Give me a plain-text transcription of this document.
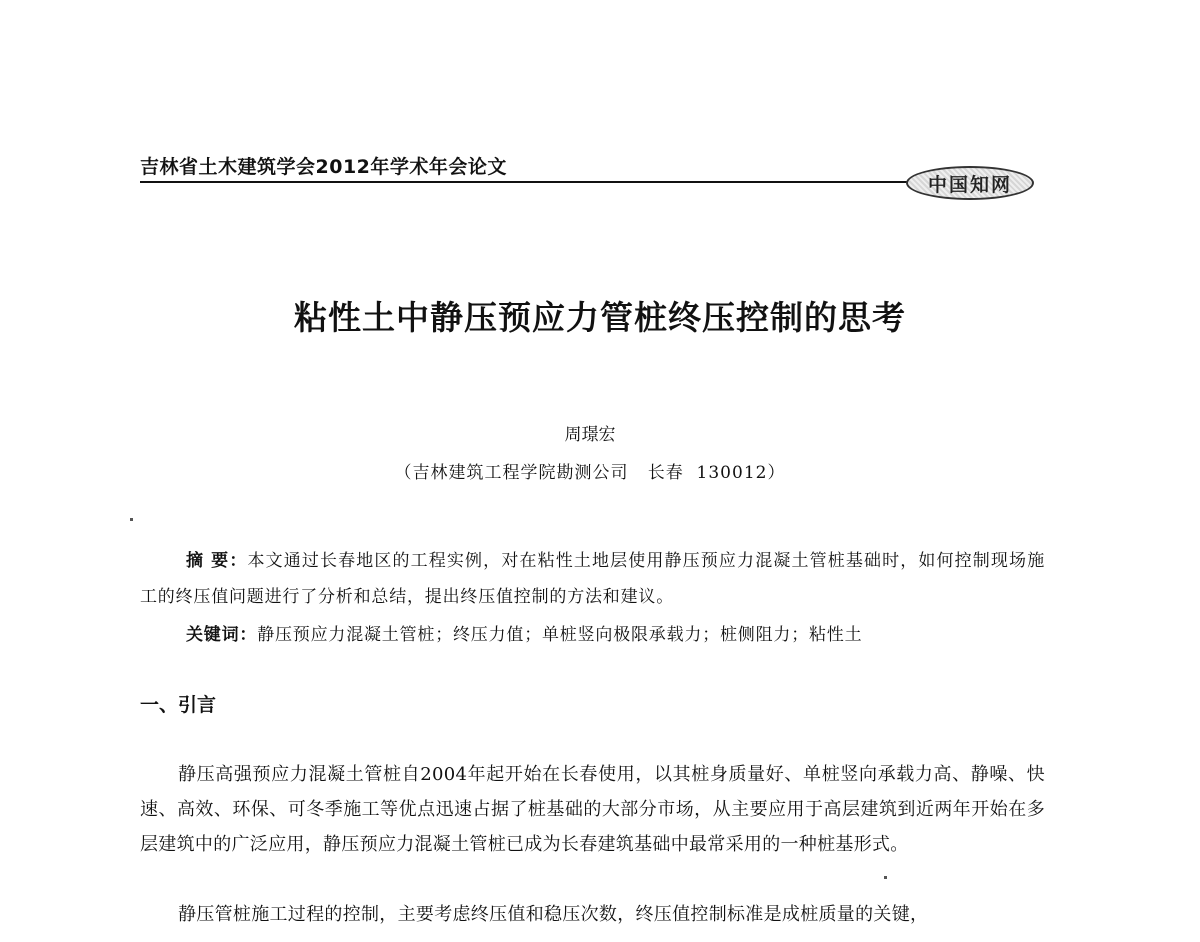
吉林省土木建筑学会2012年学术年会论文
中国知网
粘性土中静压预应力管桩终压控制的思考
周璟宏
（吉林建筑工程学院勘测公司   长春  130012）
摘 要：本文通过长春地区的工程实例，对在粘性土地层使用静压预应力混凝土管桩基础时，如何控制现场施工的终压值问题进行了分析和总结，提出终压值控制的方法和建议。
关键词：静压预应力混凝土管桩；终压力值；单桩竖向极限承载力；桩侧阻力；粘性土
一、引言
静压高强预应力混凝土管桩自2004年起开始在长春使用，以其桩身质量好、单桩竖向承载力高、静噪、快速、高效、环保、可冬季施工等优点迅速占据了桩基础的大部分市场，从主要应用于高层建筑到近两年开始在多层建筑中的广泛应用，静压预应力混凝土管桩已成为长春建筑基础中最常采用的一种桩基形式。
静压管桩施工过程的控制，主要考虑终压值和稳压次数，终压值控制标准是成桩质量的关键，
